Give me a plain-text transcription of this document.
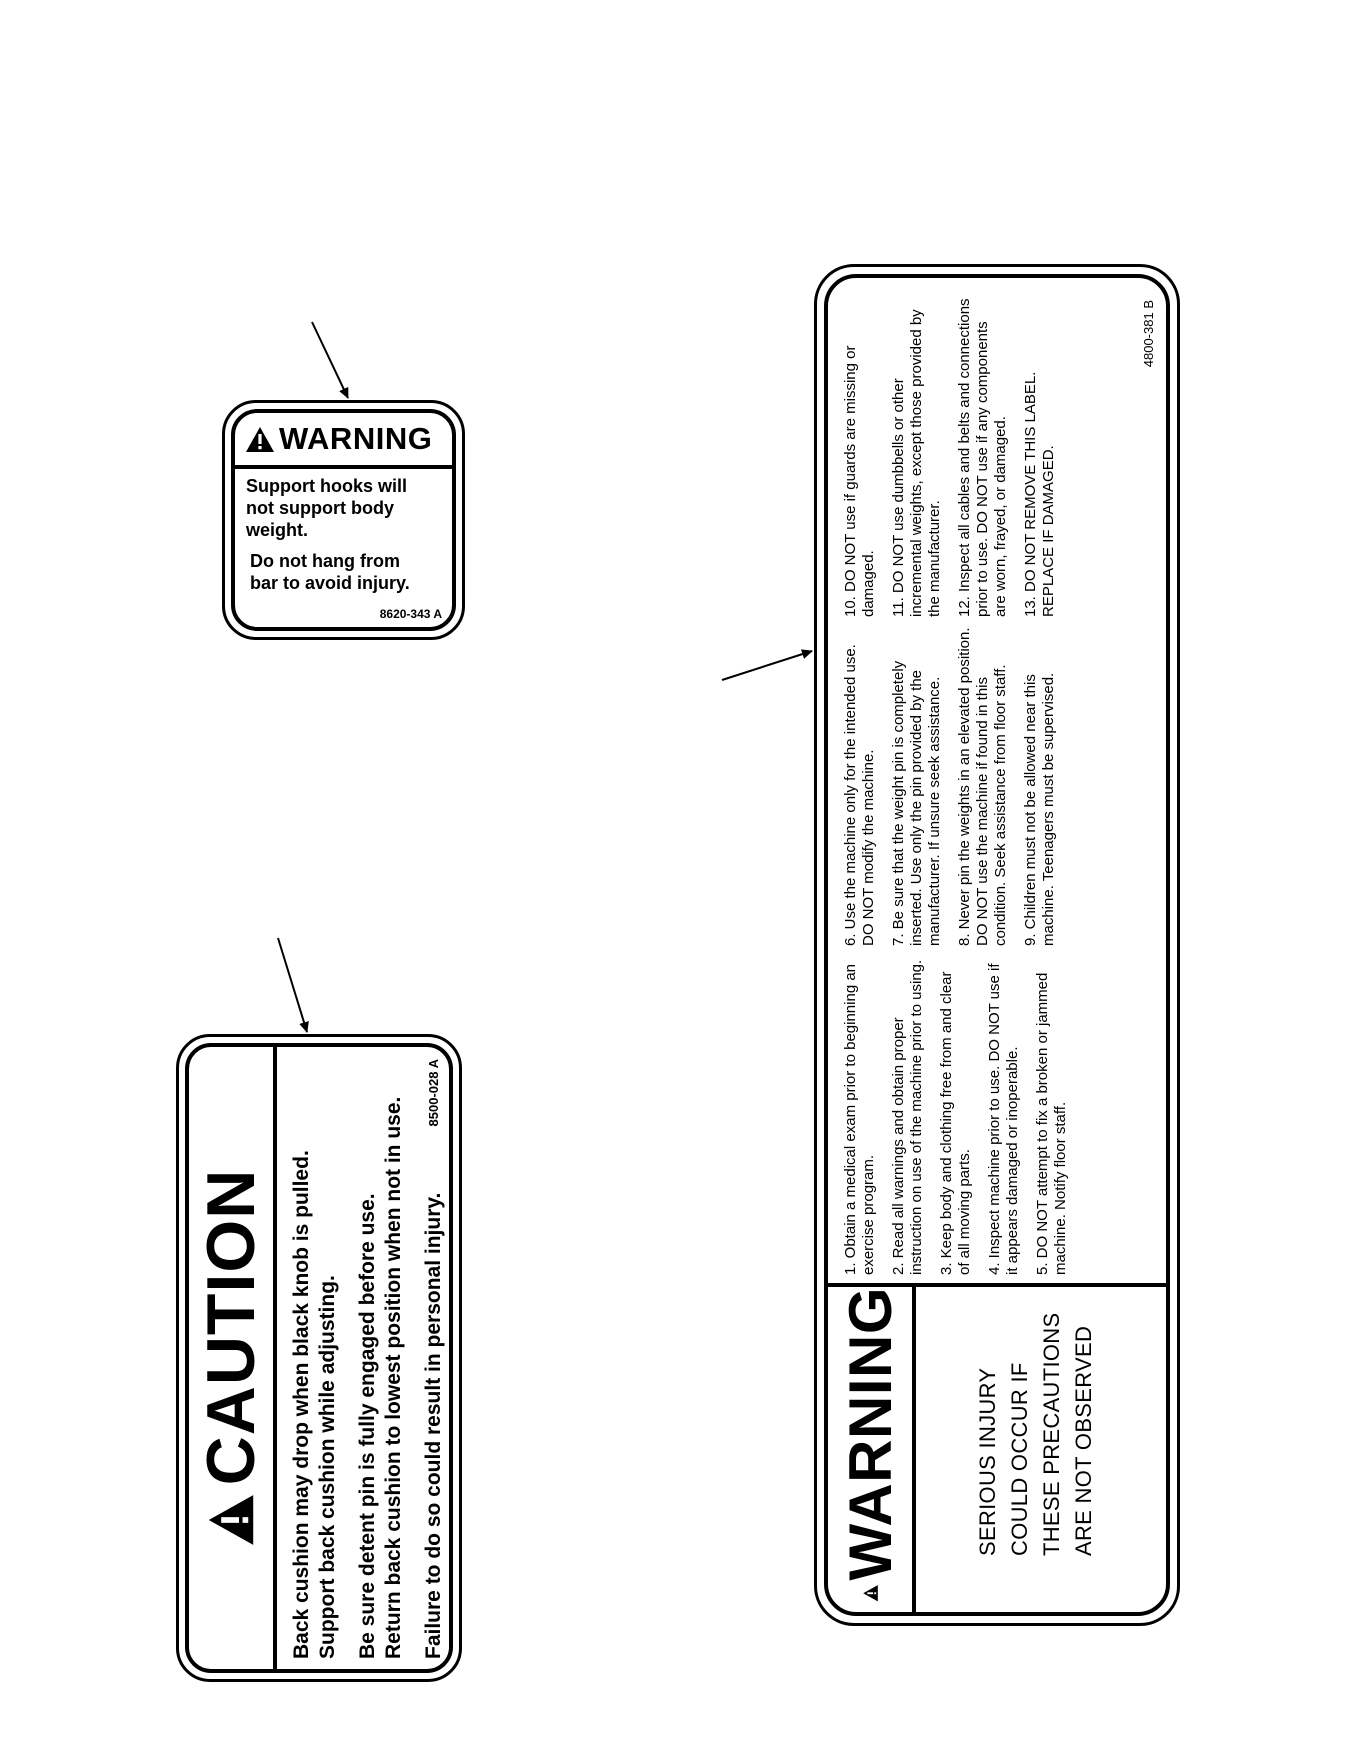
WARNING

Support hooks will
not support body
weight.

Do not hang from
bar to avoid injury.

8620-343 A
CAUTION Back cushion may drop when black knob is pulled. Support back cushion while adjusting. Be sure detent pin is fully engaged before use. Return back cushion to lowest position when not in use. Failure to do so could result in personal injury.

8500-028 A
WARNING	SERIOUS INJURY COULD OCCUR IF THESE PRECAUTIONS ARE NOT OBSERVED

1. Obtain a medical exam prior to beginning an exercise program. 2. Read all warnings and obtain proper instruction on use of the machine prior to using. 3. Keep body and clothing free from and clear of all moving parts. 4. Inspect machine prior to use. DO NOT use if it appears damaged or inoperable. 5. DO NOT attempt to fix a broken or jammed machine. Notify floor staff.

6. Use the machine only for the intended use. DO NOT modify the machine. 7. Be sure that the weight pin is completely inserted. Use only the pin provided by the manufacturer. If unsure seek assistance. 8. Never pin the weights in an elevated position. DO NOT use the machine if found in this condition. Seek assistance from floor staff. 9. Children must not be allowed near this machine. Teenagers must be supervised.

10. DO NOT use if guards are missing or damaged. 11. DO NOT use dumbbells or other incremental weights, except those provided by the manufacturer. 12. Inspect all cables and belts and connections prior to use. DO NOT use if any components are worn, frayed, or damaged. 13. DO NOT REMOVE THIS LABEL. REPLACE IF DAMAGED.

4800-381 B
